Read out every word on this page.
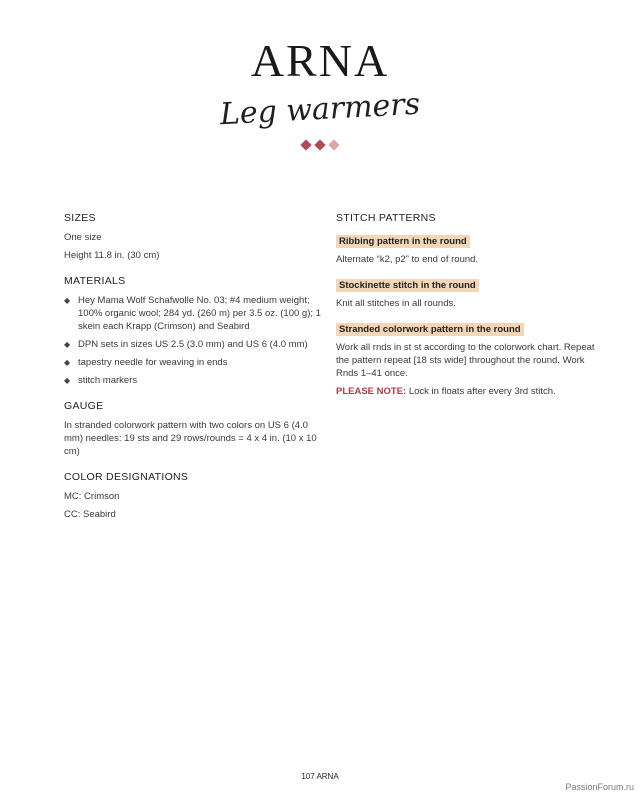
ARNA
Leg warmers
SIZES
One size
Height 11.8 in. (30 cm)
MATERIALS
◆ Hey Mama Wolf Schafwolle No. 03; #4 medium weight; 100% organic wool; 284 yd. (260 m) per 3.5 oz. (100 g); 1 skein each Krapp (Crimson) and Seabird
◆ DPN sets in sizes US 2.5 (3.0 mm) and US 6 (4.0 mm)
◆ tapestry needle for weaving in ends
◆ stitch markers
GAUGE
In stranded colorwork pattern with two colors on US 6 (4.0 mm) needles: 19 sts and 29 rows/rounds = 4 x 4 in. (10 x 10 cm)
COLOR DESIGNATIONS
MC: Crimson
CC: Seabird
STITCH PATTERNS
Ribbing pattern in the round
Alternate “k2, p2” to end of round.
Stockinette stitch in the round
Knit all stitches in all rounds.
Stranded colorwork pattern in the round
Work all rnds in st st according to the colorwork chart. Repeat the pattern repeat [18 sts wide] throughout the round. Work Rnds 1–41 once.
PLEASE NOTE: Lock in floats after every 3rd stitch.
107 ARNA
PassionForum.ru
